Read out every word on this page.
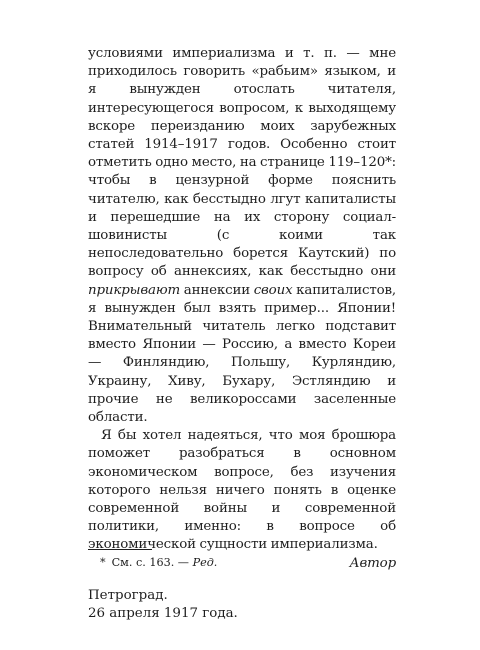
условиями империализма и т. п. — мне приходилось говорить «рабьим» языком, и я вынужден отослать читателя, интересующегося вопросом, к выходящему вскоре переизданию моих зарубежных статей 1914–1917 годов. Особенно стоит отметить одно место, на странице 119–120*: чтобы в цензурной форме пояснить читателю, как бесстыдно лгут капиталисты и перешедшие на их сторону социал-шовинисты (с коими так непоследовательно борется Каутский) по вопросу об аннексиях, как бесстыдно они прикрывают аннексии своих капиталистов, я вынужден был взять пример... Японии! Внимательный читатель легко подставит вместо Японии — Россию, а вместо Кореи — Финляндию, Польшу, Курляндию, Украину, Хиву, Бухару, Эстляндию и прочие не великороссами заселенные области.

Я бы хотел надеяться, что моя брошюра поможет разобраться в основном экономическом вопросе, без изучения которого нельзя ничего понять в оценке современной войны и современной политики, именно: в вопросе об экономической сущности империализма.

Автор

Петроград.
26 апреля 1917 года.
* См. с. 163. — Ред.
